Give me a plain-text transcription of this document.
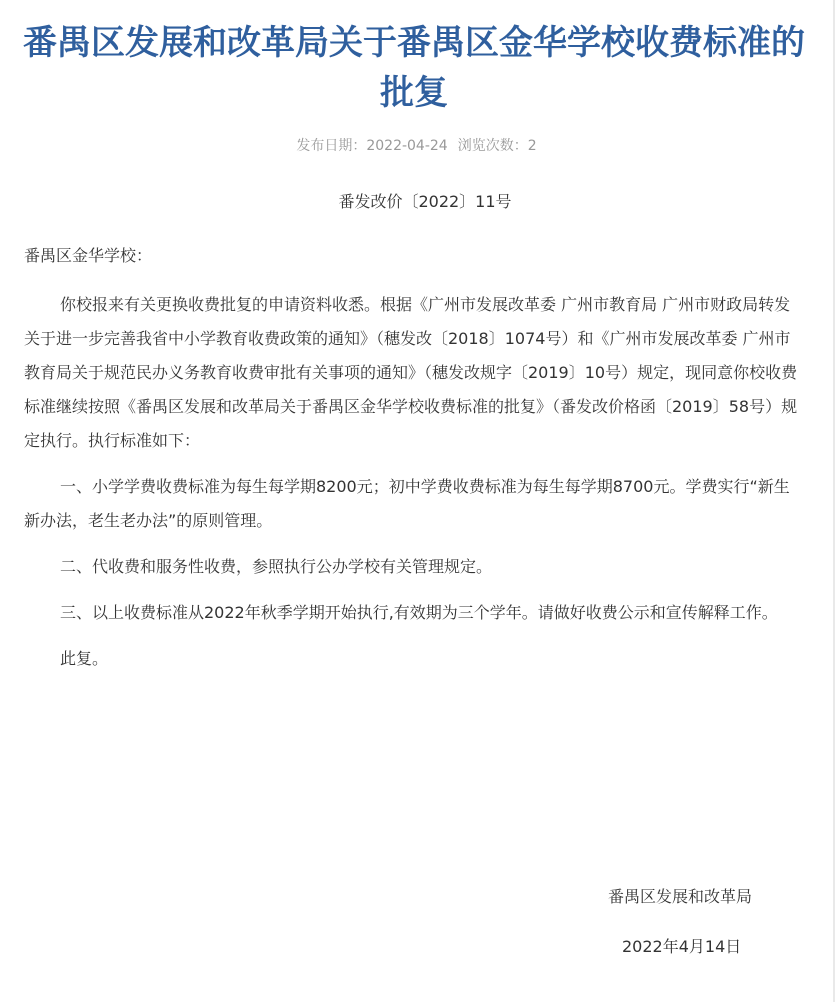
番禺区发展和改革局关于番禺区金华学校收费标准的批复
发布日期：2022-04-24 浏览次数：2
番发改价〔2022〕11号

番禺区金华学校：

你校报来有关更换收费批复的申请资料收悉。根据《广州市发展改革委 广州市教育局 广州市财政局转发关于进一步完善我省中小学教育收费政策的通知》（穗发改〔2018〕1074号）和《广州市发展改革委 广州市教育局关于规范民办义务教育收费审批有关事项的通知》（穗发改规字〔2019〕10号）规定，现同意你校收费标准继续按照《番禺区发展和改革局关于番禺区金华学校收费标准的批复》（番发改价格函〔2019〕58号）规定执行。执行标准如下：

一、小学学费收费标准为每生每学期8200元；初中学费收费标准为每生每学期8700元。学费实行“新生新办法，老生老办法”的原则管理。

二、代收费和服务性收费，参照执行公办学校有关管理规定。

三、以上收费标准从2022年秋季学期开始执行,有效期为三个学年。请做好收费公示和宣传解释工作。

此复。

番禺区发展和改革局
2022年4月14日
